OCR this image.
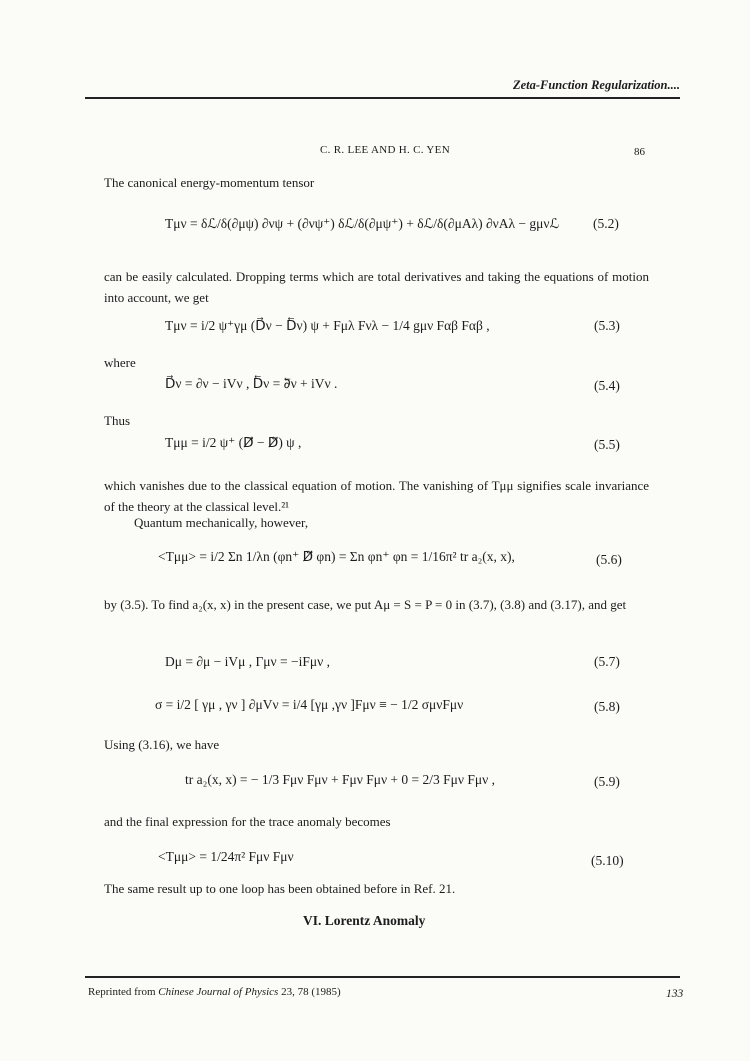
Zeta-Function Regularization....
C. R. LEE AND H. C. YEN	86
The canonical energy-momentum tensor
Tμν = δℒ/δ(∂μψ) ∂νψ + (∂νψ⁺) δℒ/δ(∂μψ⁺) + δℒ/δ(∂μAλ) ∂νAλ − gμνℒ	(5.2)
can be easily calculated. Dropping terms which are total derivatives and taking the equations of motion into account, we get
Tμν = i/2 ψ⁺γμ (D⃗ν − D⃖ν) ψ + Fμλ Fνλ − 1/4 gμν Fαβ Fαβ ,	(5.3)
where
D⃗ν = ∂ν − iVν , D⃖ν = ∂⃖ν + iVν .	(5.4)
Thus
Tμμ = i/2 ψ⁺ (D̸⃗ − D̸⃖) ψ ,	(5.5)
which vanishes due to the classical equation of motion. The vanishing of Tμμ signifies scale invariance of the theory at the classical level.²¹
Quantum mechanically, however,
<Tμμ> = i/2 Σn 1/λn (φn⁺ D̸⃡ φn) = Σn φn⁺ φn = 1/16π² tr a₂(x, x),	(5.6)
by (3.5). To find a₂(x, x) in the present case, we put Aμ = S = P = 0 in (3.7), (3.8) and (3.17), and get
Dμ = ∂μ − iVμ , Γμν = −iFμν ,	(5.7)
σ = i/2 [ γμ , γν ] ∂μVν = i/4 [γμ ,γν ]Fμν ≡ − 1/2 σμνFμν	(5.8)
Using (3.16), we have
tr a₂(x, x) = − 1/3 Fμν Fμν + Fμν Fμν + 0 = 2/3 Fμν Fμν ,	(5.9)
and the final expression for the trace anomaly becomes
<Tμμ> = 1/24π² Fμν Fμν	(5.10)
The same result up to one loop has been obtained before in Ref. 21.
VI. Lorentz Anomaly
Reprinted from Chinese Journal of Physics 23, 78 (1985)	133
